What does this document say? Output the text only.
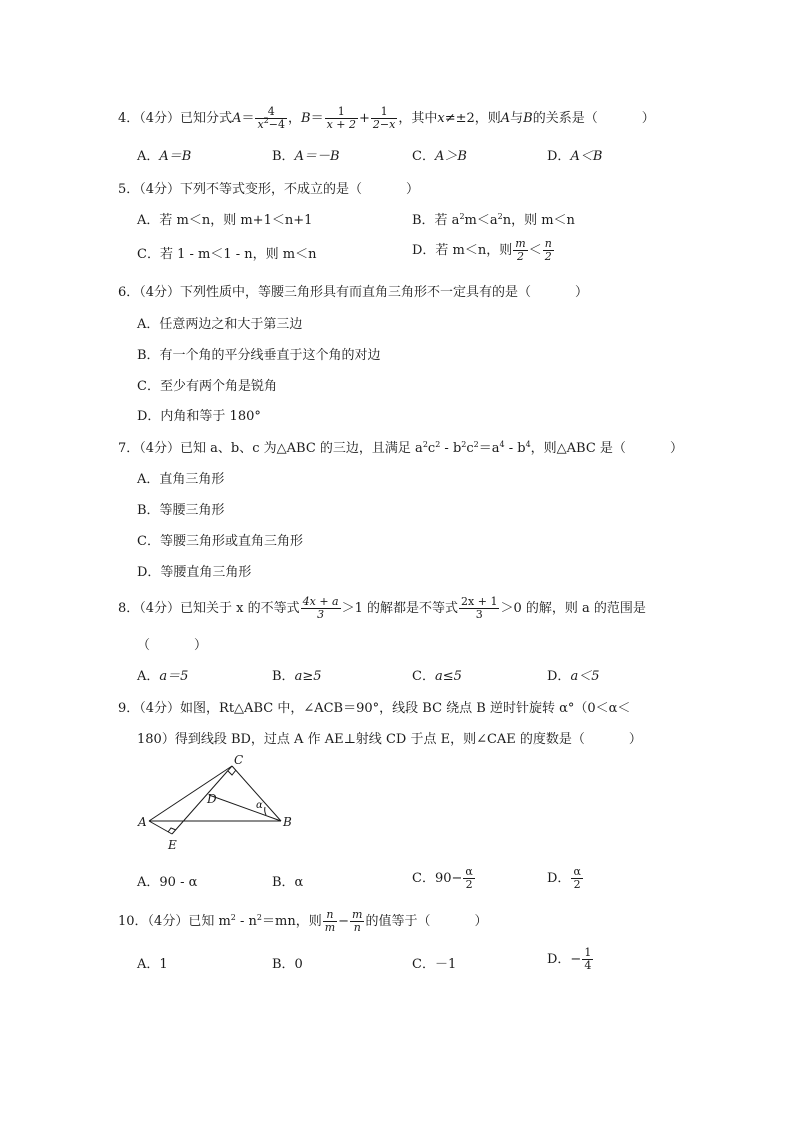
4．（4分）已知分式$A= \frac{4}{x^2-4}$ ，$B= \frac{1}{x + 2} + \frac{1}{2-x}$ ，其中x≠±2，则A与B的关系是（	）
A．A＝B	B．A＝－B	C．A＞B	D．A＜B
5．（4分）下列不等式变形，不成立的是（	）
A．若 m＜n，则 m+1＜n+1	B．若 $a^2m<a^2n$，则 m＜n
C．若 1 - m＜1 - n，则 m＜n	D．若 m＜n，则 $\frac{m}{2} < \frac{n}{2}$
6．（4分）下列性质中，等腰三角形具有而直角三角形不一定具有的是（	）
A．任意两边之和大于第三边
B．有一个角的平分线垂直于这个角的对边
C．至少有两个角是锐角
D．内角和等于 180°
7．（4分）已知 a、b、c 为△ABC 的三边，且满足 $a^2c^2 - b^2c^2=a^4 - b^4$，则△ABC 是（	）
A．直角三角形
B．等腰三角形
C．等腰三角形或直角三角形
D．等腰直角三角形
8．（4分）已知关于 x 的不等式 $\frac{4x + a}{3} >1$ 的解都是不等式 $\frac{2x + 1}{3} >0$ 的解，则 a 的范围是
（	）
A．a＝5	B．a≥5	C．a≤5	D．a＜5
9．（4分）如图，Rt△ABC 中，∠ACB＝90°，线段 BC 绕点 B 逆时针旋转 α°（0＜α＜
180）得到线段 BD，过点 A 作 AE⊥射线 CD 于点 E，则∠CAE 的度数是（	）
C
A	B
D
E
α
A．90 - α	B．α	C．$90- \frac{\alpha}{2}$	D． $\frac{\alpha}{2}$
10．（4分）已知 $m^2 - n^2=mn$，则 $\frac{n}{m} - \frac{m}{n}$ 的值等于（	）
A．1	B．0	C．－1	D．− $\frac{1}{4}$
